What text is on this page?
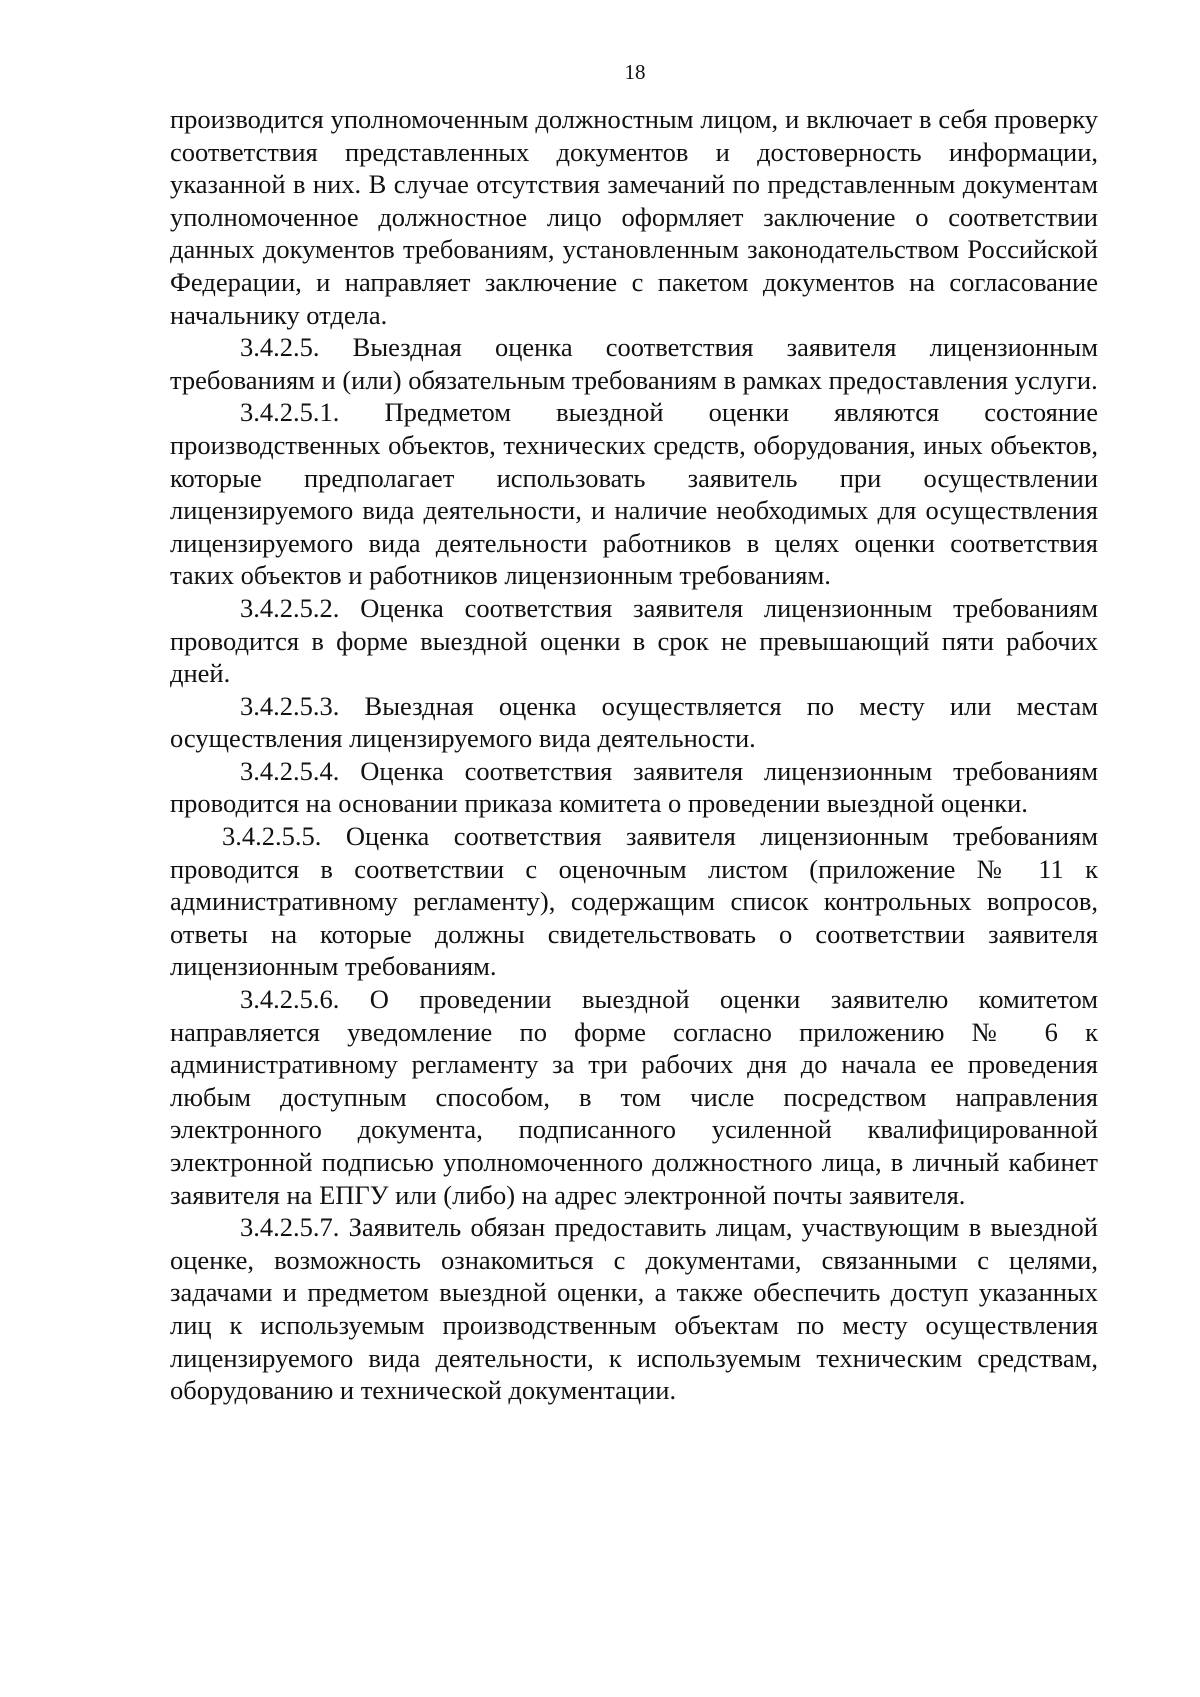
18

производится уполномоченным должностным лицом, и включает в себя проверку соответствия представленных документов и достоверность информации, указанной в них. В случае отсутствия замечаний по представленным документам уполномоченное должностное лицо оформляет заключение о соответствии данных документов требованиям, установленным законодательством Российской Федерации, и направляет заключение с пакетом документов на согласование начальнику отдела.

3.4.2.5. Выездная оценка соответствия заявителя лицензионным требованиям и (или) обязательным требованиям в рамках предоставления услуги.

3.4.2.5.1. Предметом выездной оценки являются состояние производственных объектов, технических средств, оборудования, иных объектов, которые предполагает использовать заявитель при осуществлении лицензируемого вида деятельности, и наличие необходимых для осуществления лицензируемого вида деятельности работников в целях оценки соответствия таких объектов и работников лицензионным требованиям.

3.4.2.5.2. Оценка соответствия заявителя лицензионным требованиям проводится в форме выездной оценки в срок не превышающий пяти рабочих дней.

3.4.2.5.3. Выездная оценка осуществляется по месту или местам осуществления лицензируемого вида деятельности.

3.4.2.5.4. Оценка соответствия заявителя лицензионным требованиям проводится на основании приказа комитета о проведении выездной оценки.

3.4.2.5.5. Оценка соответствия заявителя лицензионным требованиям проводится в соответствии с оценочным листом (приложение № 11 к административному регламенту), содержащим список контрольных вопросов, ответы на которые должны свидетельствовать о соответствии заявителя лицензионным требованиям.

3.4.2.5.6. О проведении выездной оценки заявителю комитетом направляется уведомление по форме согласно приложению № 6 к административному регламенту за три рабочих дня до начала ее проведения любым доступным способом, в том числе посредством направления электронного документа, подписанного усиленной квалифицированной электронной подписью уполномоченного должностного лица, в личный кабинет заявителя на ЕПГУ или (либо) на адрес электронной почты заявителя.

3.4.2.5.7. Заявитель обязан предоставить лицам, участвующим в выездной оценке, возможность ознакомиться с документами, связанными с целями, задачами и предметом выездной оценки, а также обеспечить доступ указанных лиц к используемым производственным объектам по месту осуществления лицензируемого вида деятельности, к используемым техническим средствам, оборудованию и технической документации.
